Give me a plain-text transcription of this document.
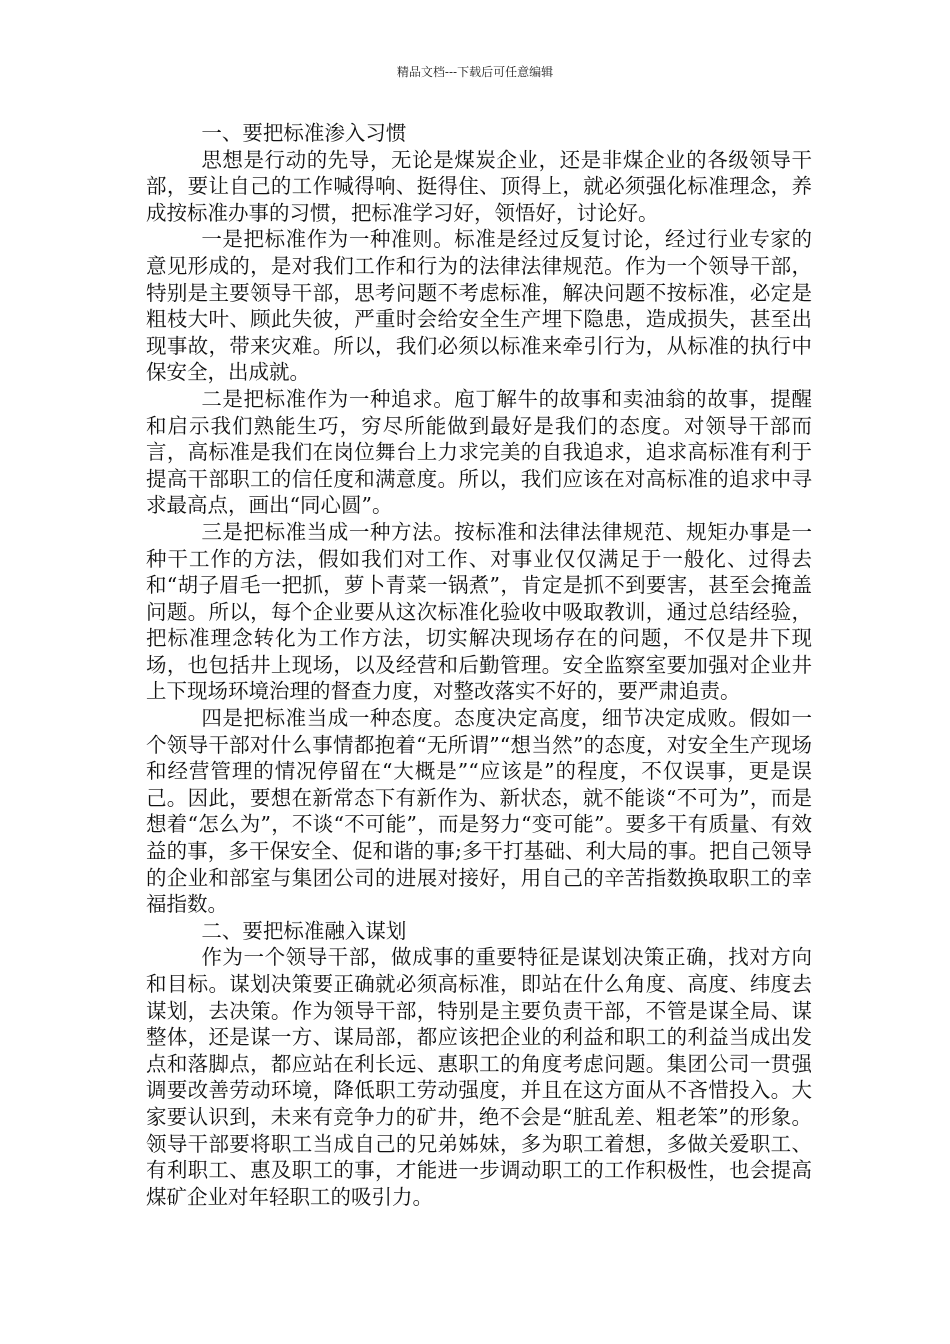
精品文档---下载后可任意编辑

一、要把标准渗入习惯

思想是行动的先导，无论是煤炭企业，还是非煤企业的各级领导干部，要让自己的工作喊得响、挺得住、顶得上，就必须强化标准理念，养成按标准办事的习惯，把标准学习好，领悟好，讨论好。

一是把标准作为一种准则。标准是经过反复讨论，经过行业专家的意见形成的，是对我们工作和行为的法律法律规范。作为一个领导干部，特别是主要领导干部，思考问题不考虑标准，解决问题不按标准，必定是粗枝大叶、顾此失彼，严重时会给安全生产埋下隐患，造成损失，甚至出现事故，带来灾难。所以，我们必须以标准来牵引行为，从标准的执行中保安全，出成就。

二是把标准作为一种追求。庖丁解牛的故事和卖油翁的故事，提醒和启示我们熟能生巧，穷尽所能做到最好是我们的态度。对领导干部而言，高标准是我们在岗位舞台上力求完美的自我追求，追求高标准有利于提高干部职工的信任度和满意度。所以，我们应该在对高标准的追求中寻求最高点，画出“同心圆”。

三是把标准当成一种方法。按标准和法律法律规范、规矩办事是一种干工作的方法，假如我们对工作、对事业仅仅满足于一般化、过得去和“胡子眉毛一把抓，萝卜青菜一锅煮”，肯定是抓不到要害，甚至会掩盖问题。所以，每个企业要从这次标准化验收中吸取教训，通过总结经验，把标准理念转化为工作方法，切实解决现场存在的问题，不仅是井下现场，也包括井上现场，以及经营和后勤管理。安全监察室要加强对企业井上下现场环境治理的督查力度，对整改落实不好的，要严肃追责。

四是把标准当成一种态度。态度决定高度，细节决定成败。假如一个领导干部对什么事情都抱着“无所谓”“想当然”的态度，对安全生产现场和经营管理的情况停留在“大概是”“应该是”的程度，不仅误事，更是误己。因此，要想在新常态下有新作为、新状态，就不能谈“不可为”，而是想着“怎么为”，不谈“不可能”，而是努力“变可能”。要多干有质量、有效益的事，多干保安全、促和谐的事;多干打基础、利大局的事。把自己领导的企业和部室与集团公司的进展对接好，用自己的辛苦指数换取职工的幸福指数。

二、要把标准融入谋划

作为一个领导干部，做成事的重要特征是谋划决策正确，找对方向和目标。谋划决策要正确就必须高标准，即站在什么角度、高度、纬度去谋划，去决策。作为领导干部，特别是主要负责干部，不管是谋全局、谋整体，还是谋一方、谋局部，都应该把企业的利益和职工的利益当成出发点和落脚点，都应站在利长远、惠职工的角度考虑问题。集团公司一贯强调要改善劳动环境，降低职工劳动强度，并且在这方面从不吝惜投入。大家要认识到，未来有竞争力的矿井，绝不会是“脏乱差、粗老笨”的形象。领导干部要将职工当成自己的兄弟姊妹，多为职工着想，多做关爱职工、有利职工、惠及职工的事，才能进一步调动职工的工作积极性，也会提高煤矿企业对年轻职工的吸引力。
